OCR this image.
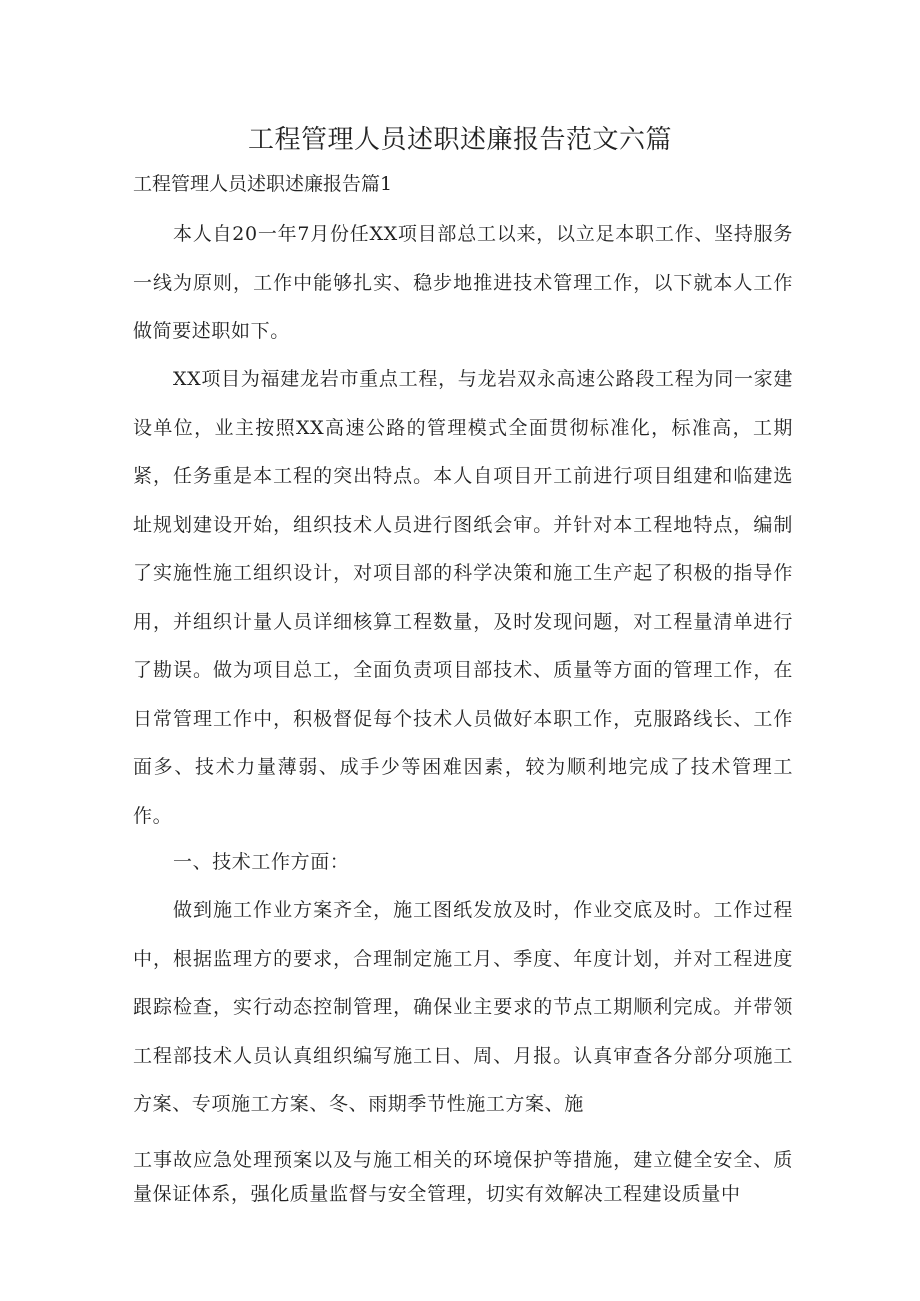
工程管理人员述职述廉报告范文六篇

工程管理人员述职述廉报告篇1

本人自20一年7月份任XX项目部总工以来，以立足本职工作、坚持服务一线为原则，工作中能够扎实、稳步地推进技术管理工作，以下就本人工作做简要述职如下。

XX项目为福建龙岩市重点工程，与龙岩双永高速公路段工程为同一家建设单位，业主按照XX高速公路的管理模式全面贯彻标准化，标准高，工期紧，任务重是本工程的突出特点。本人自项目开工前进行项目组建和临建选址规划建设开始，组织技术人员进行图纸会审。并针对本工程地特点，编制了实施性施工组织设计，对项目部的科学决策和施工生产起了积极的指导作用，并组织计量人员详细核算工程数量，及时发现问题，对工程量清单进行了勘误。做为项目总工，全面负责项目部技术、质量等方面的管理工作，在日常管理工作中，积极督促每个技术人员做好本职工作，克服路线长、工作面多、技术力量薄弱、成手少等困难因素，较为顺利地完成了技术管理工作。

一、技术工作方面：

做到施工作业方案齐全，施工图纸发放及时，作业交底及时。工作过程中，根据监理方的要求，合理制定施工月、季度、年度计划，并对工程进度跟踪检查，实行动态控制管理，确保业主要求的节点工期顺利完成。并带领工程部技术人员认真组织编写施工日、周、月报。认真审查各分部分项施工方案、专项施工方案、冬、雨期季节性施工方案、施

工事故应急处理预案以及与施工相关的环境保护等措施，建立健全安全、质量保证体系，强化质量监督与安全管理，切实有效解决工程建设质量中
